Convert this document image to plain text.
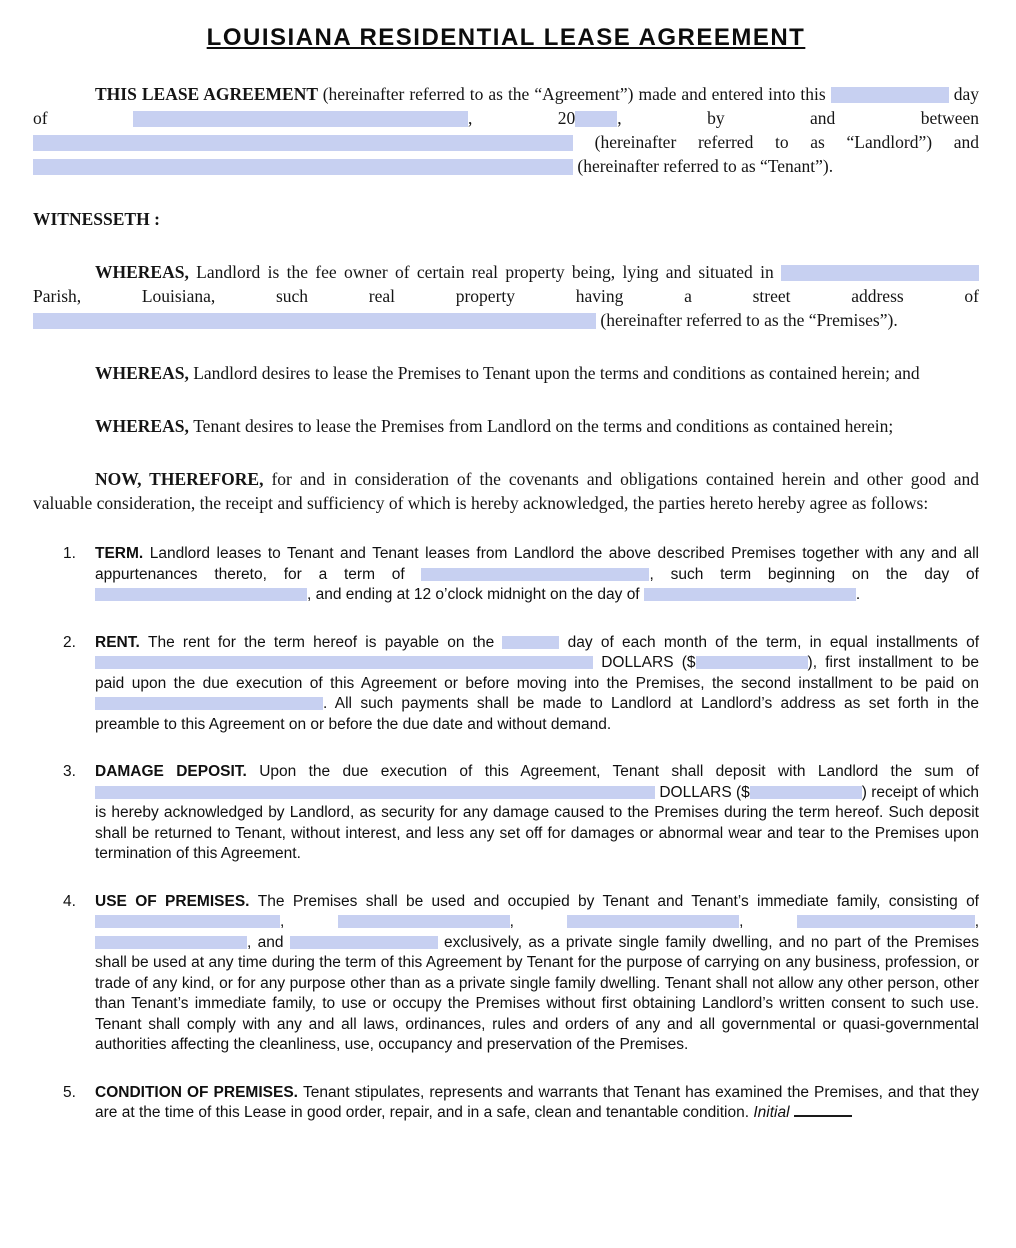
LOUISIANA RESIDENTIAL LEASE AGREEMENT

THIS LEASE AGREEMENT (hereinafter referred to as the “Agreement”) made and entered into this	day of	, 20 , by and between  (hereinafter referred to as “Landlord”) and  (hereinafter referred to as “Tenant”).

WITNESSETH :

WHEREAS, Landlord is the fee owner of certain real property being, lying and situated in  Parish, Louisiana, such real property having a street address of  (hereinafter referred to as the “Premises”).

WHEREAS, Landlord desires to lease the Premises to Tenant upon the terms and conditions as contained herein; and

WHEREAS, Tenant desires to lease the Premises from Landlord on the terms and conditions as contained herein;

NOW, THEREFORE, for and in consideration of the covenants and obligations contained herein and other good and valuable consideration, the receipt and sufficiency of which is hereby acknowledged, the parties hereto hereby agree as follows:

1.	TERM. Landlord leases to Tenant and Tenant leases from Landlord the above described Premises together with any and all appurtenances thereto, for a term of	, such term beginning on the day of , and ending at 12 o’clock midnight on the day of	.
2.	RENT. The rent for the term hereof is payable on the	day of each month of the term, in equal installments of  DOLLARS ($	), first installment to be paid upon the due execution of this Agreement or before moving into the Premises, the second installment to be paid on . All such payments shall be made to Landlord at Landlord’s address as set forth in the preamble to this Agreement on or before the due date and without demand.
3.	DAMAGE DEPOSIT. Upon the due execution of this Agreement, Tenant shall deposit with Landlord the sum of  DOLLARS ($	) receipt of which is hereby acknowledged by Landlord, as security for any damage caused to the Premises during the term hereof. Such deposit shall be returned to Tenant, without interest, and less any set off for damages or abnormal wear and tear to the Premises upon termination of this Agreement.
4.	USE OF PREMISES. The Premises shall be used and occupied by Tenant and Tenant’s immediate family, consisting of ,	,	,	, , and	exclusively, as a private single family dwelling, and no part of the Premises shall be used at any time during the term of this Agreement by Tenant for the purpose of carrying on any business, profession, or trade of any kind, or for any purpose other than as a private single family dwelling. Tenant shall not allow any other person, other than Tenant’s immediate family, to use or occupy the Premises without first obtaining Landlord’s written consent to such use. Tenant shall comply with any and all laws, ordinances, rules and orders of any and all governmental or quasi-governmental authorities affecting the cleanliness, use, occupancy and preservation of the Premises.
5.	CONDITION OF PREMISES. Tenant stipulates, represents and warrants that Tenant has examined the Premises, and that they are at the time of this Lease in good order, repair, and in a safe, clean and tenantable condition. Initial
